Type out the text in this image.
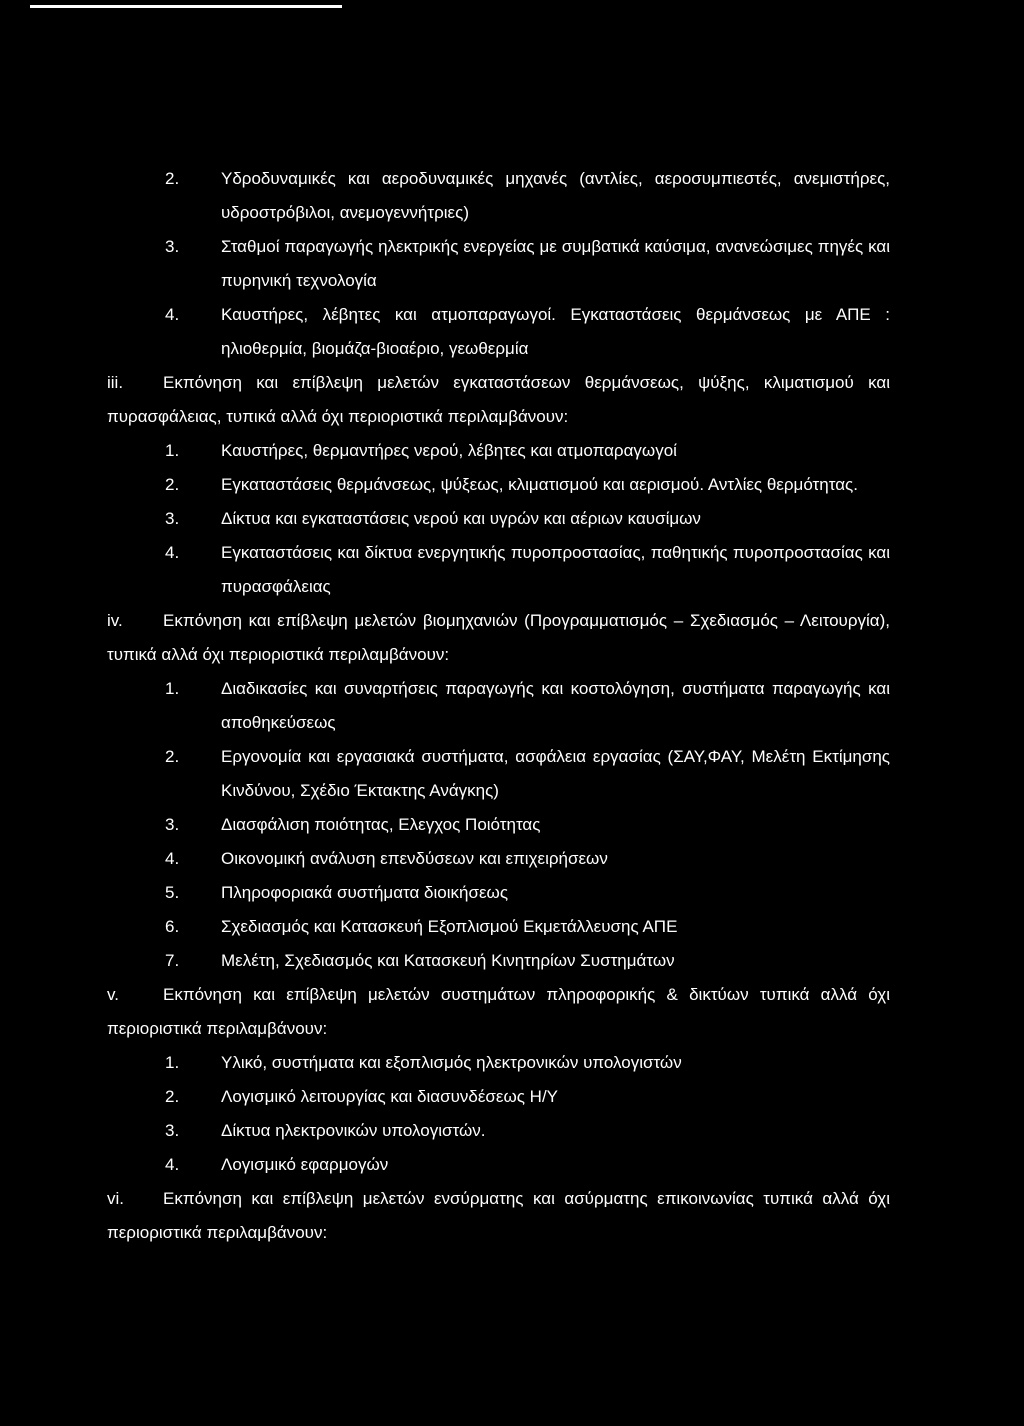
2.	Υδροδυναμικές και αεροδυναμικές μηχανές (αντλίες, αεροσυμπιεστές, ανεμιστήρες, υδροστρόβιλοι, ανεμογεννήτριες)
3.	Σταθμοί παραγωγής ηλεκτρικής ενεργείας με συμβατικά καύσιμα, ανανεώσιμες πηγές και πυρηνική τεχνολογία
4.	Καυστήρες, λέβητες και ατμοπαραγωγοί. Εγκαταστάσεις θερμάνσεως με ΑΠΕ : ηλιοθερμία, βιομάζα-βιοαέριο, γεωθερμία
iii. Εκπόνηση και επίβλεψη μελετών εγκαταστάσεων θερμάνσεως, ψύξης, κλιματισμού και πυρασφάλειας, τυπικά αλλά όχι περιοριστικά περιλαμβάνουν:
1.	Καυστήρες, θερμαντήρες νερού, λέβητες και ατμοπαραγωγοί
2.	Εγκαταστάσεις θερμάνσεως, ψύξεως, κλιματισμού και αερισμού. Αντλίες θερμότητας.
3.	Δίκτυα και εγκαταστάσεις νερού και υγρών και αέριων καυσίμων
4.	Εγκαταστάσεις και δίκτυα ενεργητικής πυροπροστασίας, παθητικής πυροπροστασίας και πυρασφάλειας
iv. Εκπόνηση και επίβλεψη μελετών βιομηχανιών (Προγραμματισμός – Σχεδιασμός – Λειτουργία), τυπικά αλλά όχι περιοριστικά περιλαμβάνουν:
1.	Διαδικασίες και συναρτήσεις παραγωγής και κοστολόγηση, συστήματα παραγωγής και αποθηκεύσεως
2.	Εργονομία και εργασιακά συστήματα, ασφάλεια εργασίας (ΣΑΥ,ΦΑΥ, Μελέτη Εκτίμησης Κινδύνου, Σχέδιο Έκτακτης Ανάγκης)
3.	Διασφάλιση ποιότητας, Ελεγχος Ποιότητας
4.	Οικονομική ανάλυση επενδύσεων και επιχειρήσεων
5.	Πληροφοριακά συστήματα διοικήσεως
6.	Σχεδιασμός και Κατασκευή Εξοπλισμού Εκμετάλλευσης ΑΠΕ
7.	Μελέτη, Σχεδιασμός και Κατασκευή Κινητηρίων Συστημάτων
v.	Εκπόνηση και επίβλεψη μελετών συστημάτων πληροφορικής & δικτύων τυπικά αλλά όχι περιοριστικά περιλαμβάνουν:
1.	Υλικό, συστήματα και εξοπλισμός ηλεκτρονικών υπολογιστών
2.	Λογισμικό λειτουργίας και διασυνδέσεως Η/Υ
3.	Δίκτυα ηλεκτρονικών υπολογιστών.
4.	Λογισμικό εφαρμογών
vi. Εκπόνηση και επίβλεψη μελετών ενσύρματης και ασύρματης επικοινωνίας τυπικά αλλά όχι περιοριστικά περιλαμβάνουν:
